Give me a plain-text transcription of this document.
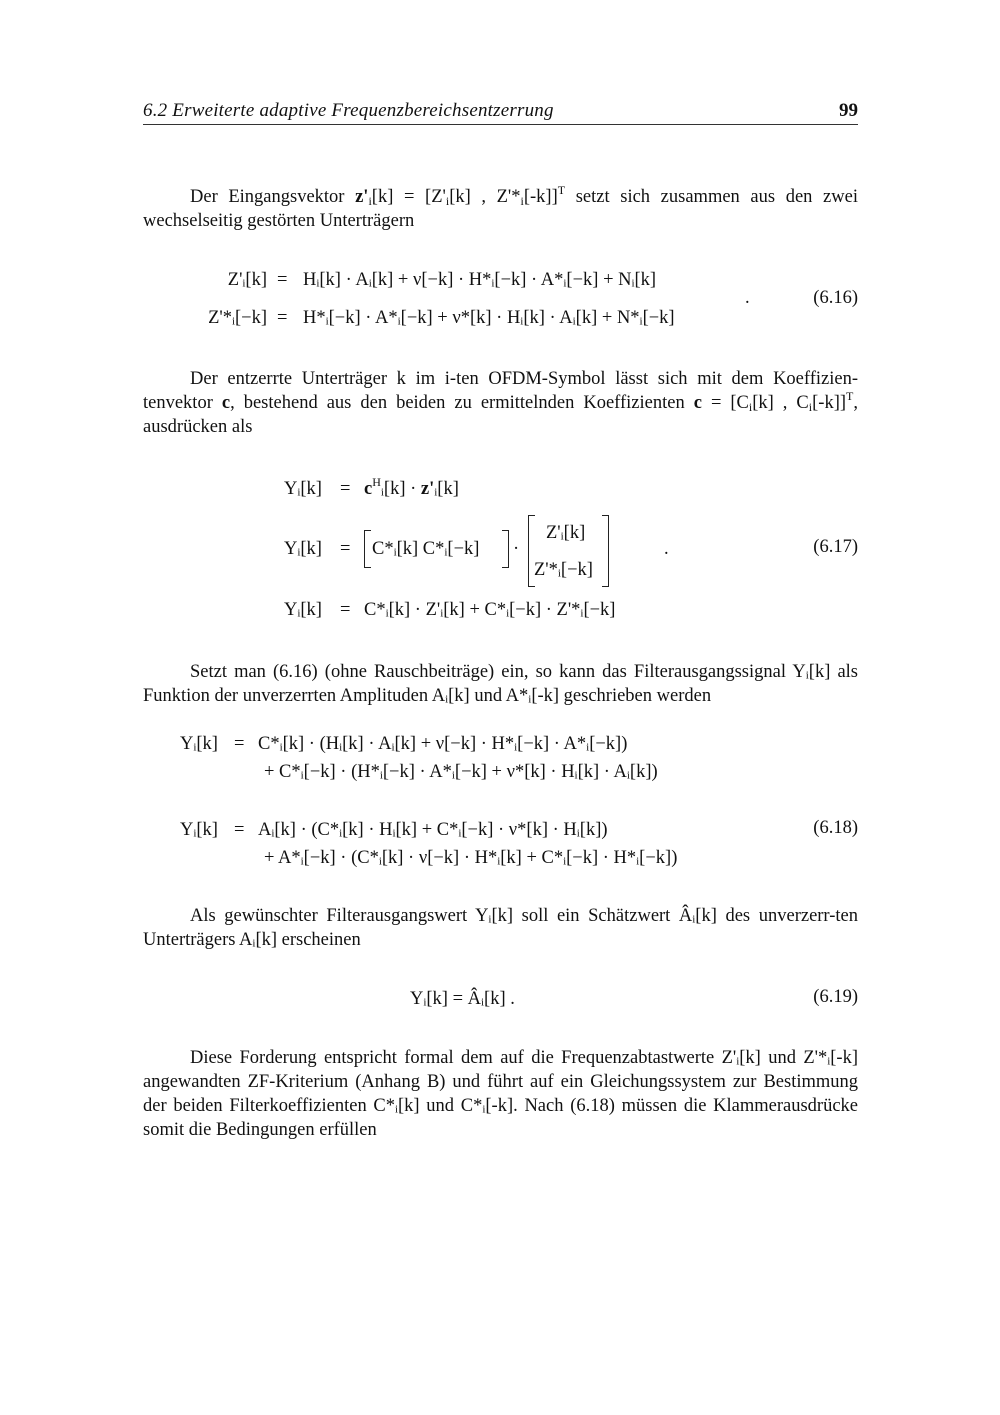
6.2 Erweiterte adaptive Frequenzbereichsentzerrung	99

Der Eingangsvektor $z'_i[k] = [Z'_i[k]$ , $Z'*_i[-k]]^T$ setzt sich zusammen aus den zwei wechselseitig gestörten Unterträgern

Z'ᵢ[k] = Hᵢ[k] · Aᵢ[k] + ν[−k] · H*ᵢ[−k] · A*ᵢ[−k] + Nᵢ[k]
Z'*ᵢ[−k] = H*ᵢ[−k] · A*ᵢ[−k] + ν*[k] · Hᵢ[k] · Aᵢ[k] + N*ᵢ[−k]
.	(6.16)

Der entzerrte Unterträger k im i-ten OFDM-Symbol lässt sich mit dem Koeffizien-tenvektor c, bestehend aus den beiden zu ermittelnden Koeffizienten $c = [C_i[k]$ , $C_i[-k]]^T$, ausdrücken als

Yᵢ[k] = $c^Hᵢ[k]$ · z'ᵢ[k]
Yᵢ[k] = C*ᵢ[k] C*ᵢ[−k] ·
Z'ᵢ[k]
Z'*ᵢ[−k]
.
Yᵢ[k] = C*ᵢ[k] · Z'ᵢ[k] + C*ᵢ[−k] · Z'*ᵢ[−k]
(6.17)

Setzt man (6.16) (ohne Rauschbeiträge) ein, so kann das Filterausgangssignal Yᵢ[k] als Funktion der unverzerrten Amplituden Aᵢ[k] und A*ᵢ[-k] geschrieben werden

Yᵢ[k] = C*ᵢ[k] · (Hᵢ[k] · Aᵢ[k] + ν[−k] · H*ᵢ[−k] · A*ᵢ[−k])
+ C*ᵢ[−k] · (H*ᵢ[−k] · A*ᵢ[−k] + ν*[k] · Hᵢ[k] · Aᵢ[k])
Yᵢ[k] = Aᵢ[k] · (C*ᵢ[k] · Hᵢ[k] + C*ᵢ[−k] · ν*[k] · Hᵢ[k])
+ A*ᵢ[−k] · (C*ᵢ[k] · ν[−k] · H*ᵢ[k] + C*ᵢ[−k] · H*ᵢ[−k])
(6.18)

Als gewünschter Filterausgangswert Yᵢ[k] soll ein Schätzwert Âᵢ[k] des unverzerr-ten Unterträgers Aᵢ[k] erscheinen

Yᵢ[k] = Âᵢ[k] .	(6.19)

Diese Forderung entspricht formal dem auf die Frequenzabtastwerte Z'ᵢ[k] und Z'*ᵢ[-k] angewandten ZF-Kriterium (Anhang B) und führt auf ein Gleichungssystem zur Bestimmung der beiden Filterkoeffizienten C*ᵢ[k] und C*ᵢ[-k]. Nach (6.18) müssen die Klammerausdrücke somit die Bedingungen erfüllen
